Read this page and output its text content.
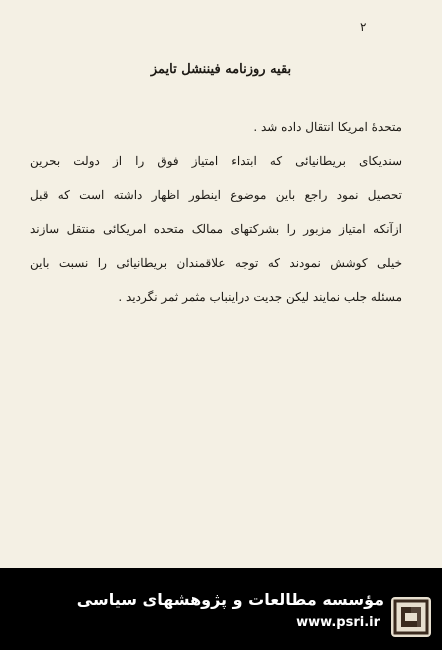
۲
بقیه روزنامه فیننشل تایمز
متحدهٔ امریکا انتقال داده شد .
سندیکای بریطانیائی که ابتداء امتیاز فوق را از دولت بحرین
تحصیل نمود راجع باین موضوع اینطور اظهار داشته است که قبل
ازآنکه امتیاز مزبور را بشرکتهای ممالک متحده امریکائی منتقل سازند
خیلی کوشش نمودند که توجه علاقمندان بریطانیائی را نسبت باین
مسئله جلب نمایند لیکن جدیت دراینباب مثمر ثمر نگردید .
مؤسسه مطالعات و پژوهشهای سیاسی
www.psri.ir
